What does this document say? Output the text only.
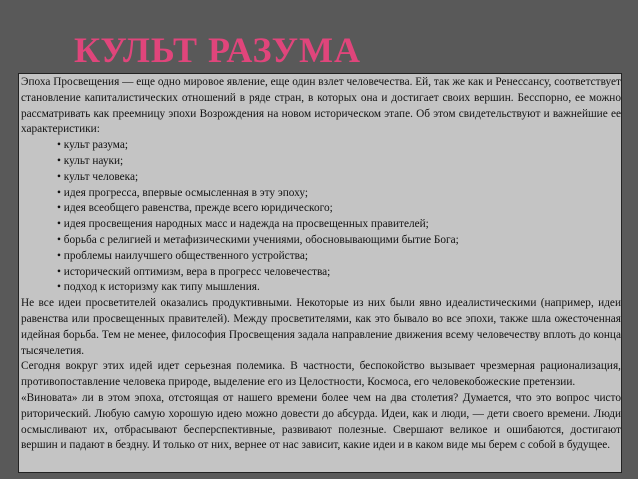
КУЛЬТ РАЗУМА

Эпоха Просвещения — еще одно мировое явление, еще один взлет человечества. Ей, так же как и Ренессансу, соответствует становление капиталистических отношений в ряде стран, в которых она и достигает своих вершин. Бесспорно, ее можно рассматривать как преемницу эпохи Возрождения на новом историческом этапе. Об этом свидетельствуют и важнейшие ее характеристики:

• культ разума;
• культ науки;
• культ человека;
• идея прогресса, впервые осмысленная в эту эпоху;
• идея всеобщего равенства, прежде всего юридического;
• идея просвещения народных масс и надежда на просвещенных правителей;
• борьба с религией и метафизическими учениями, обосновывающими бытие Бога;
• проблемы наилучшего общественного устройства;
• исторический оптимизм, вера в прогресс человечества;
• подход к историзму как типу мышления.

Не все идеи просветителей оказались продуктивными. Некоторые из них были явно идеалистическими (например, идеи равенства или просвещенных правителей). Между просветителями, как это бывало во все эпохи, также шла ожесточенная идейная борьба. Тем не менее, философия Просвещения задала направление движения всему человечеству вплоть до конца тысячелетия.

Сегодня вокруг этих идей идет серьезная полемика. В частности, беспокойство вызывает чрезмерная рационализация, противопоставление человека природе, выделение его из Целостности, Космоса, его человекобожеские претензии.

«Виновата» ли в этом эпоха, отстоящая от нашего времени более чем на два столетия? Думается, что это вопрос чисто риторический. Любую самую хорошую идею можно довести до абсурда. Идеи, как и люди, — дети своего времени. Люди осмысливают их, отбрасывают бесперспективные, развивают полезные. Свершают великое и ошибаются, достигают вершин и падают в бездну. И только от них, вернее от нас зависит, какие идеи и в каком виде мы берем с собой в будущее.
